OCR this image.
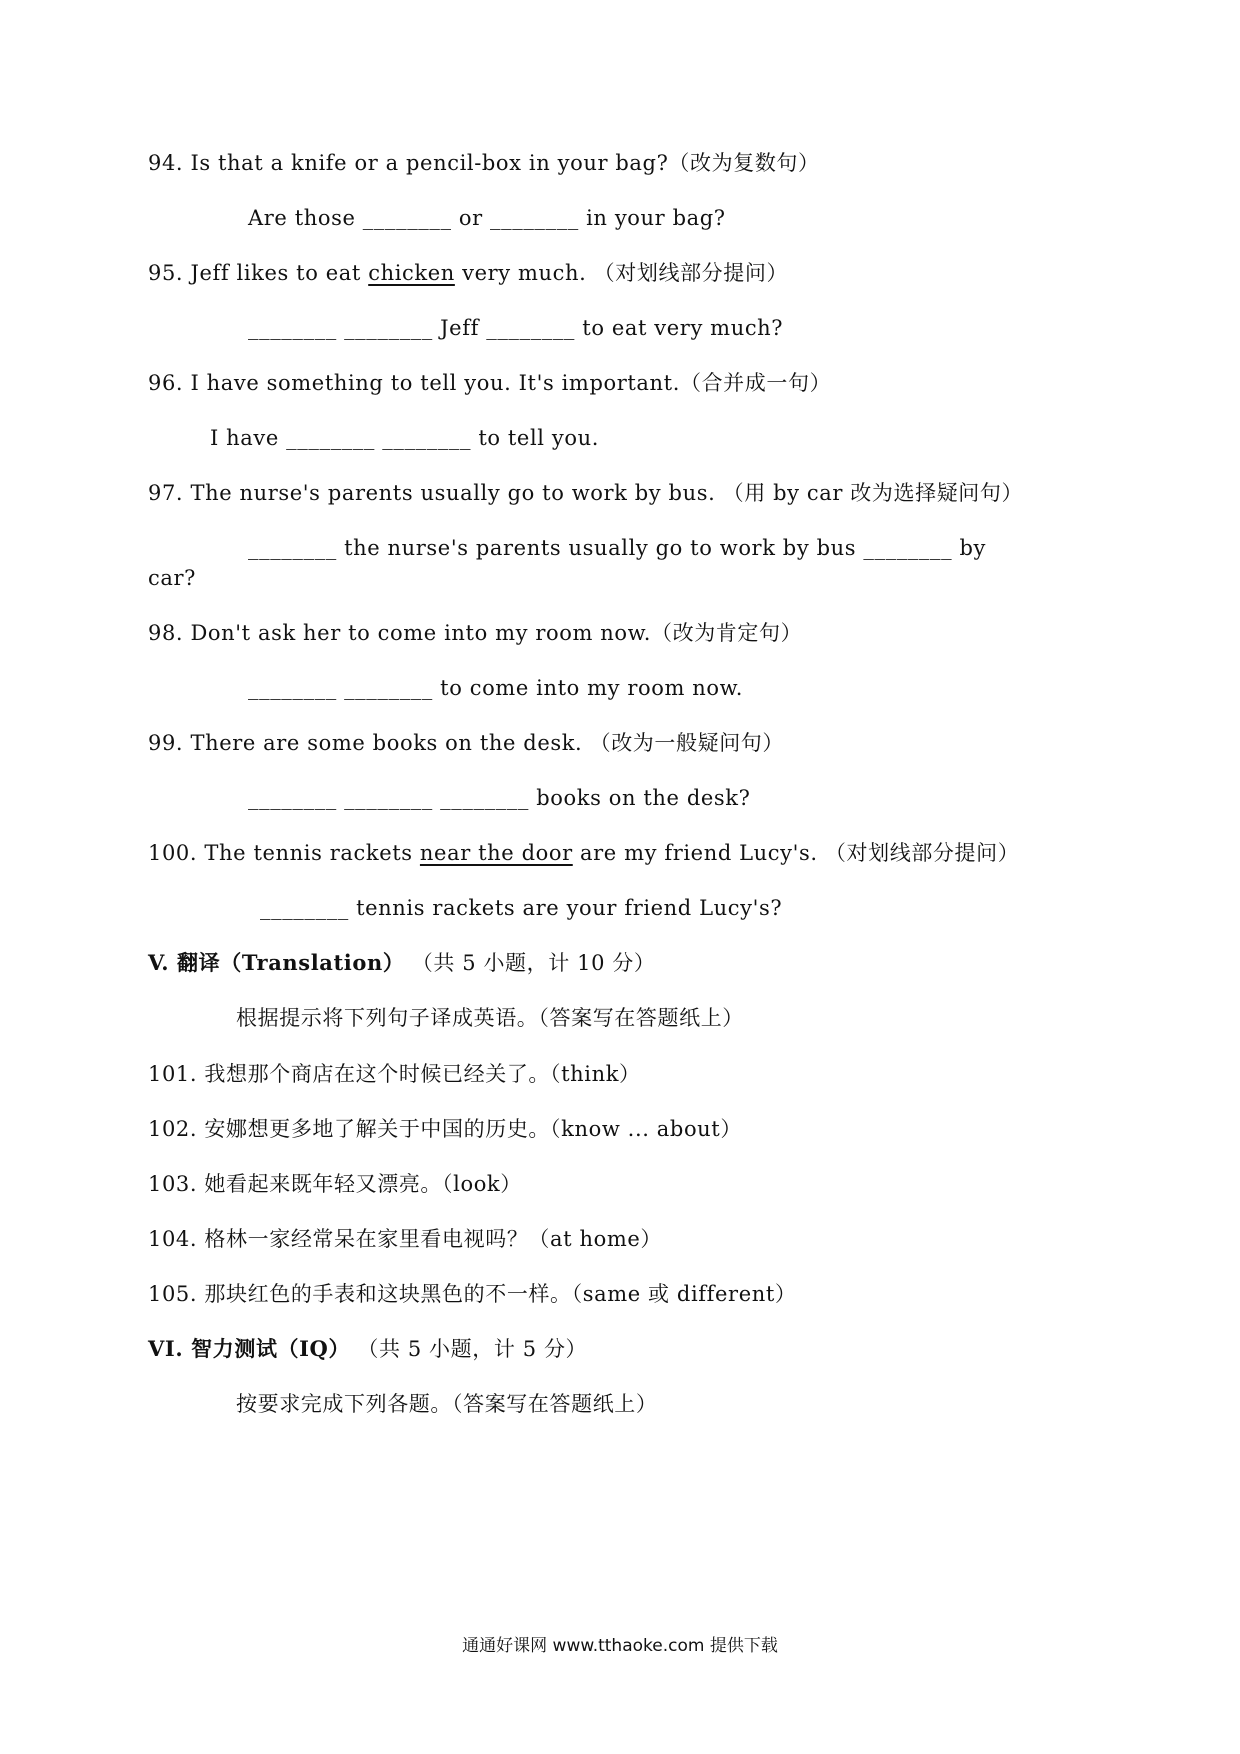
94. Is that a knife or a pencil-box in your bag?（改为复数句）
Are those ________ or ________ in your bag?
95. Jeff likes to eat chicken very much. （对划线部分提问）
________ ________ Jeff ________ to eat very much?
96. I have something to tell you. It's important.（合并成一句）
I have ________ ________ to tell you.
97. The nurse's parents usually go to work by bus. （用 by car 改为选择疑问句）
________ the nurse's parents usually go to work by bus ________ by
car?
98. Don't ask her to come into my room now.（改为肯定句）
________ ________ to come into my room now.
99. There are some books on the desk. （改为一般疑问句）
________ ________ ________ books on the desk?
100. The tennis rackets near the door are my friend Lucy's. （对划线部分提问）
________ tennis rackets are your friend Lucy's?
V. 翻译（Translation） （共 5 小题，计 10 分）
根据提示将下列句子译成英语。（答案写在答题纸上）
101. 我想那个商店在这个时候已经关了。（think）
102. 安娜想更多地了解关于中国的历史。（know ... about）
103. 她看起来既年轻又漂亮。（look）
104. 格林一家经常呆在家里看电视吗？（at home）
105. 那块红色的手表和这块黑色的不一样。（same 或 different）
VI. 智力测试（IQ） （共 5 小题，计 5 分）
按要求完成下列各题。（答案写在答题纸上）
通通好课网 www.tthaoke.com 提供下载
